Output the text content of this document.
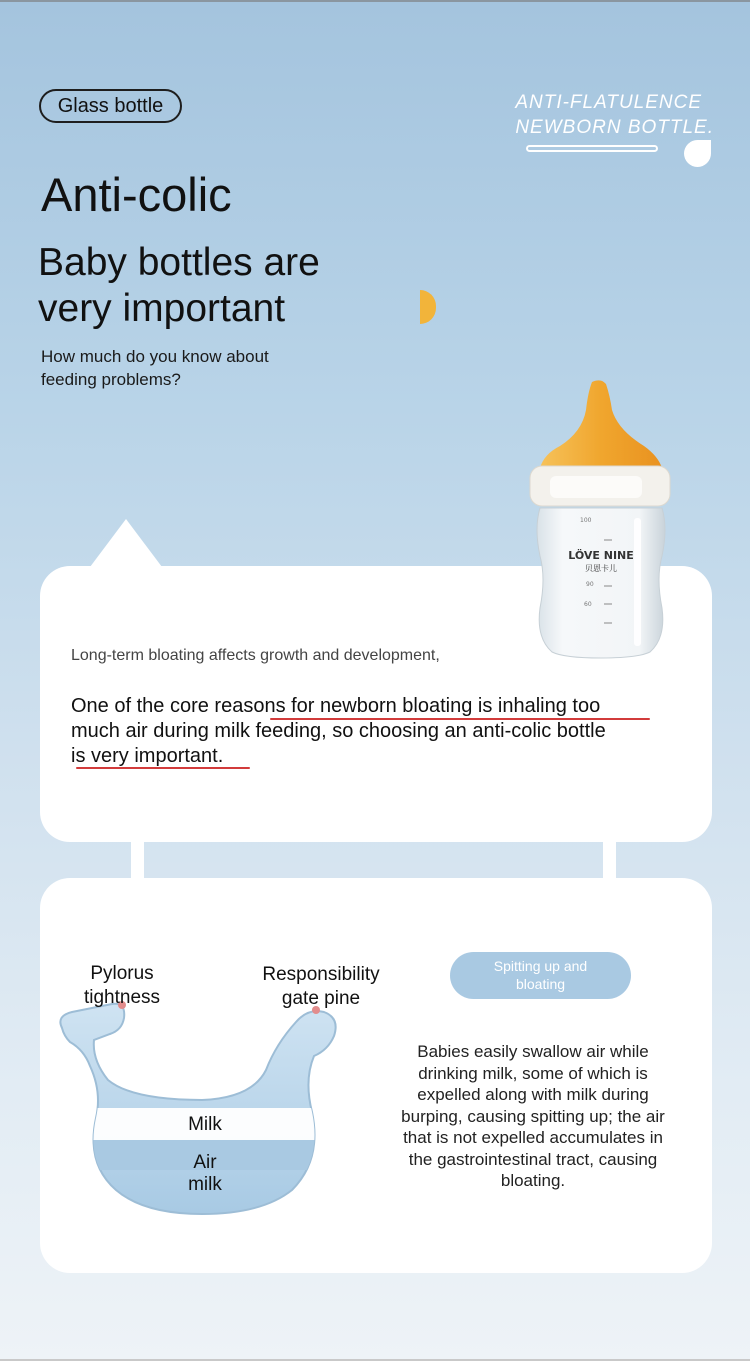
Glass bottle	ANTI-FLATULENCE
NEWBORN BOTTLE.
Anti-colic
Baby bottles are
very important
How much do you know about
feeding problems?
100
90
60
LÖVE NINE
贝恩卡儿
Long-term bloating affects growth and development,
One of the core reasons for newborn bloating is inhaling too
much air during milk feeding, so choosing an anti-colic bottle
is very important.
Pylorus
tightness
Responsibility
gate pine
Milk
Air
milk
Spitting up and
bloating
Babies easily swallow air while
drinking milk, some of which is
expelled along with milk during
burping, causing spitting up; the air
that is not expelled accumulates in
the gastrointestinal tract, causing
bloating.
